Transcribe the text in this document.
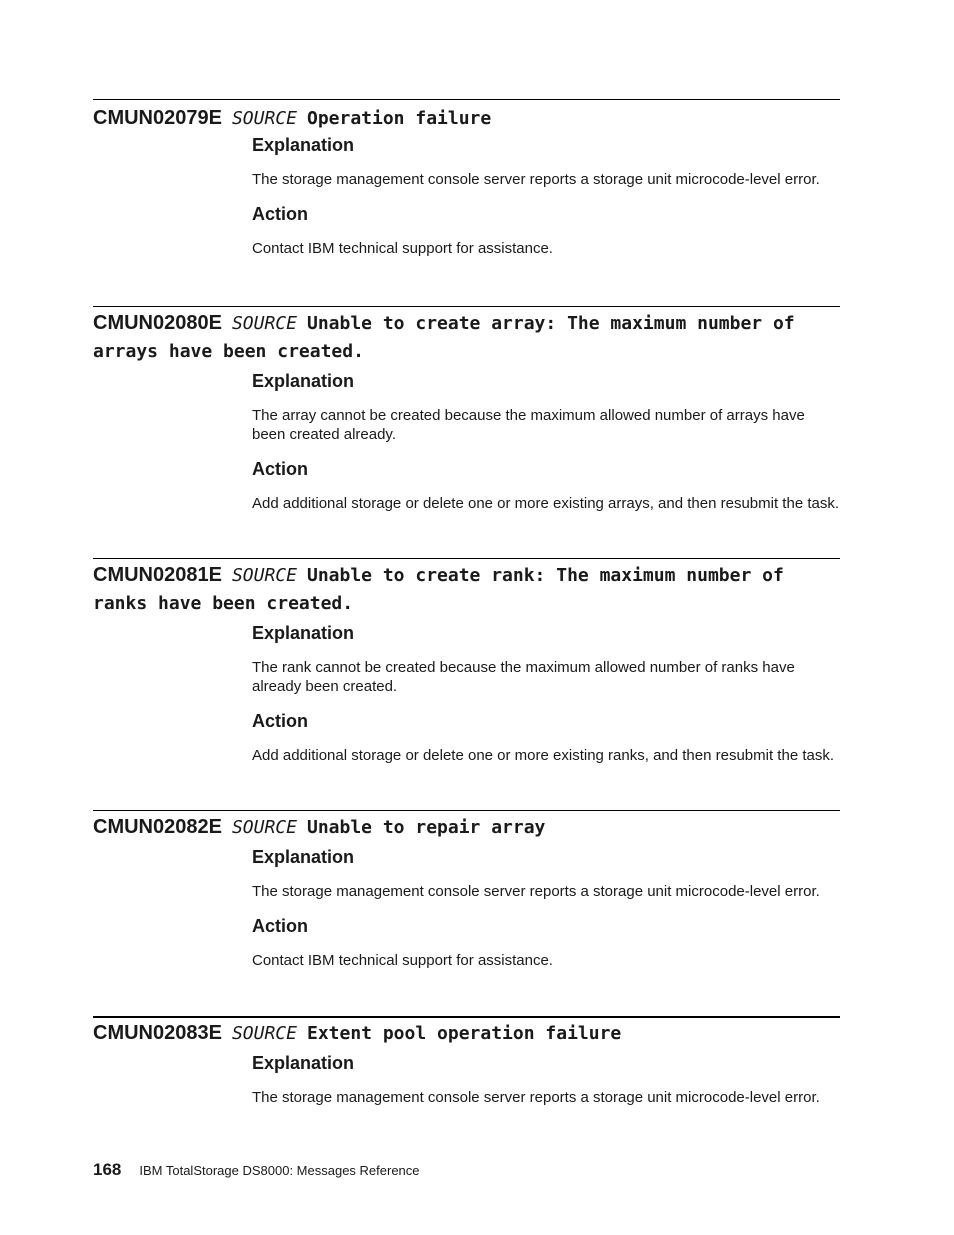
CMUN02079E SOURCE Operation failure
Explanation
The storage management console server reports a storage unit microcode-level error.
Action
Contact IBM technical support for assistance.
CMUN02080E SOURCE Unable to create array: The maximum number of arrays have been created.
Explanation
The array cannot be created because the maximum allowed number of arrays have been created already.
Action
Add additional storage or delete one or more existing arrays, and then resubmit the task.
CMUN02081E SOURCE Unable to create rank: The maximum number of ranks have been created.
Explanation
The rank cannot be created because the maximum allowed number of ranks have already been created.
Action
Add additional storage or delete one or more existing ranks, and then resubmit the task.
CMUN02082E SOURCE Unable to repair array
Explanation
The storage management console server reports a storage unit microcode-level error.
Action
Contact IBM technical support for assistance.
CMUN02083E SOURCE Extent pool operation failure
Explanation
The storage management console server reports a storage unit microcode-level error.
168 IBM TotalStorage DS8000: Messages Reference
